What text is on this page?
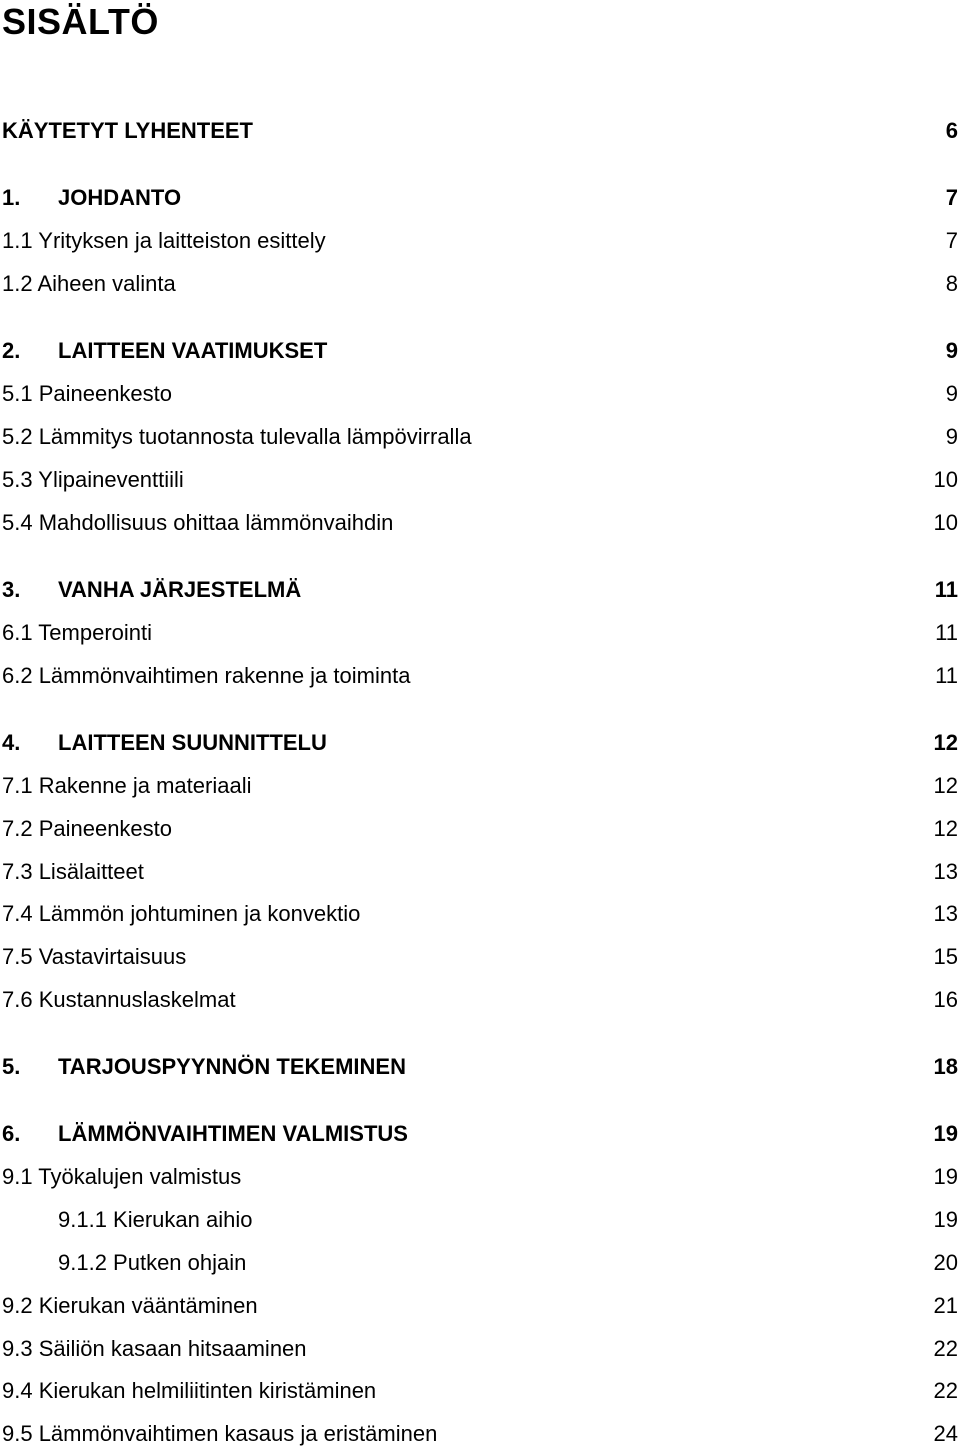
SISÄLTÖ
KÄYTETYT LYHENTEET	6
1. JOHDANTO	7
1.1 Yrityksen ja laitteiston esittely	7
1.2 Aiheen valinta	8
2. LAITTEEN VAATIMUKSET	9
5.1 Paineenkesto	9
5.2 Lämmitys tuotannosta tulevalla lämpövirralla	9
5.3 Ylipaineventtiili	10
5.4 Mahdollisuus ohittaa lämmönvaihdin	10
3. VANHA JÄRJESTELMÄ	11
6.1 Temperointi	11
6.2 Lämmönvaihtimen rakenne ja toiminta	11
4. LAITTEEN SUUNNITTELU	12
7.1 Rakenne ja materiaali	12
7.2 Paineenkesto	12
7.3 Lisälaitteet	13
7.4 Lämmön johtuminen ja konvektio	13
7.5 Vastavirtaisuus	15
7.6 Kustannuslaskelmat	16
5. TARJOUSPYYNNÖN TEKEMINEN	18
6. LÄMMÖNVAIHTIMEN VALMISTUS	19
9.1 Työkalujen valmistus	19
9.1.1 Kierukan aihio	19
9.1.2 Putken ohjain	20
9.2 Kierukan vääntäminen	21
9.3 Säiliön kasaan hitsaaminen	22
9.4 Kierukan helmiliitinten kiristäminen	22
9.5 Lämmönvaihtimen kasaus ja eristäminen	24
